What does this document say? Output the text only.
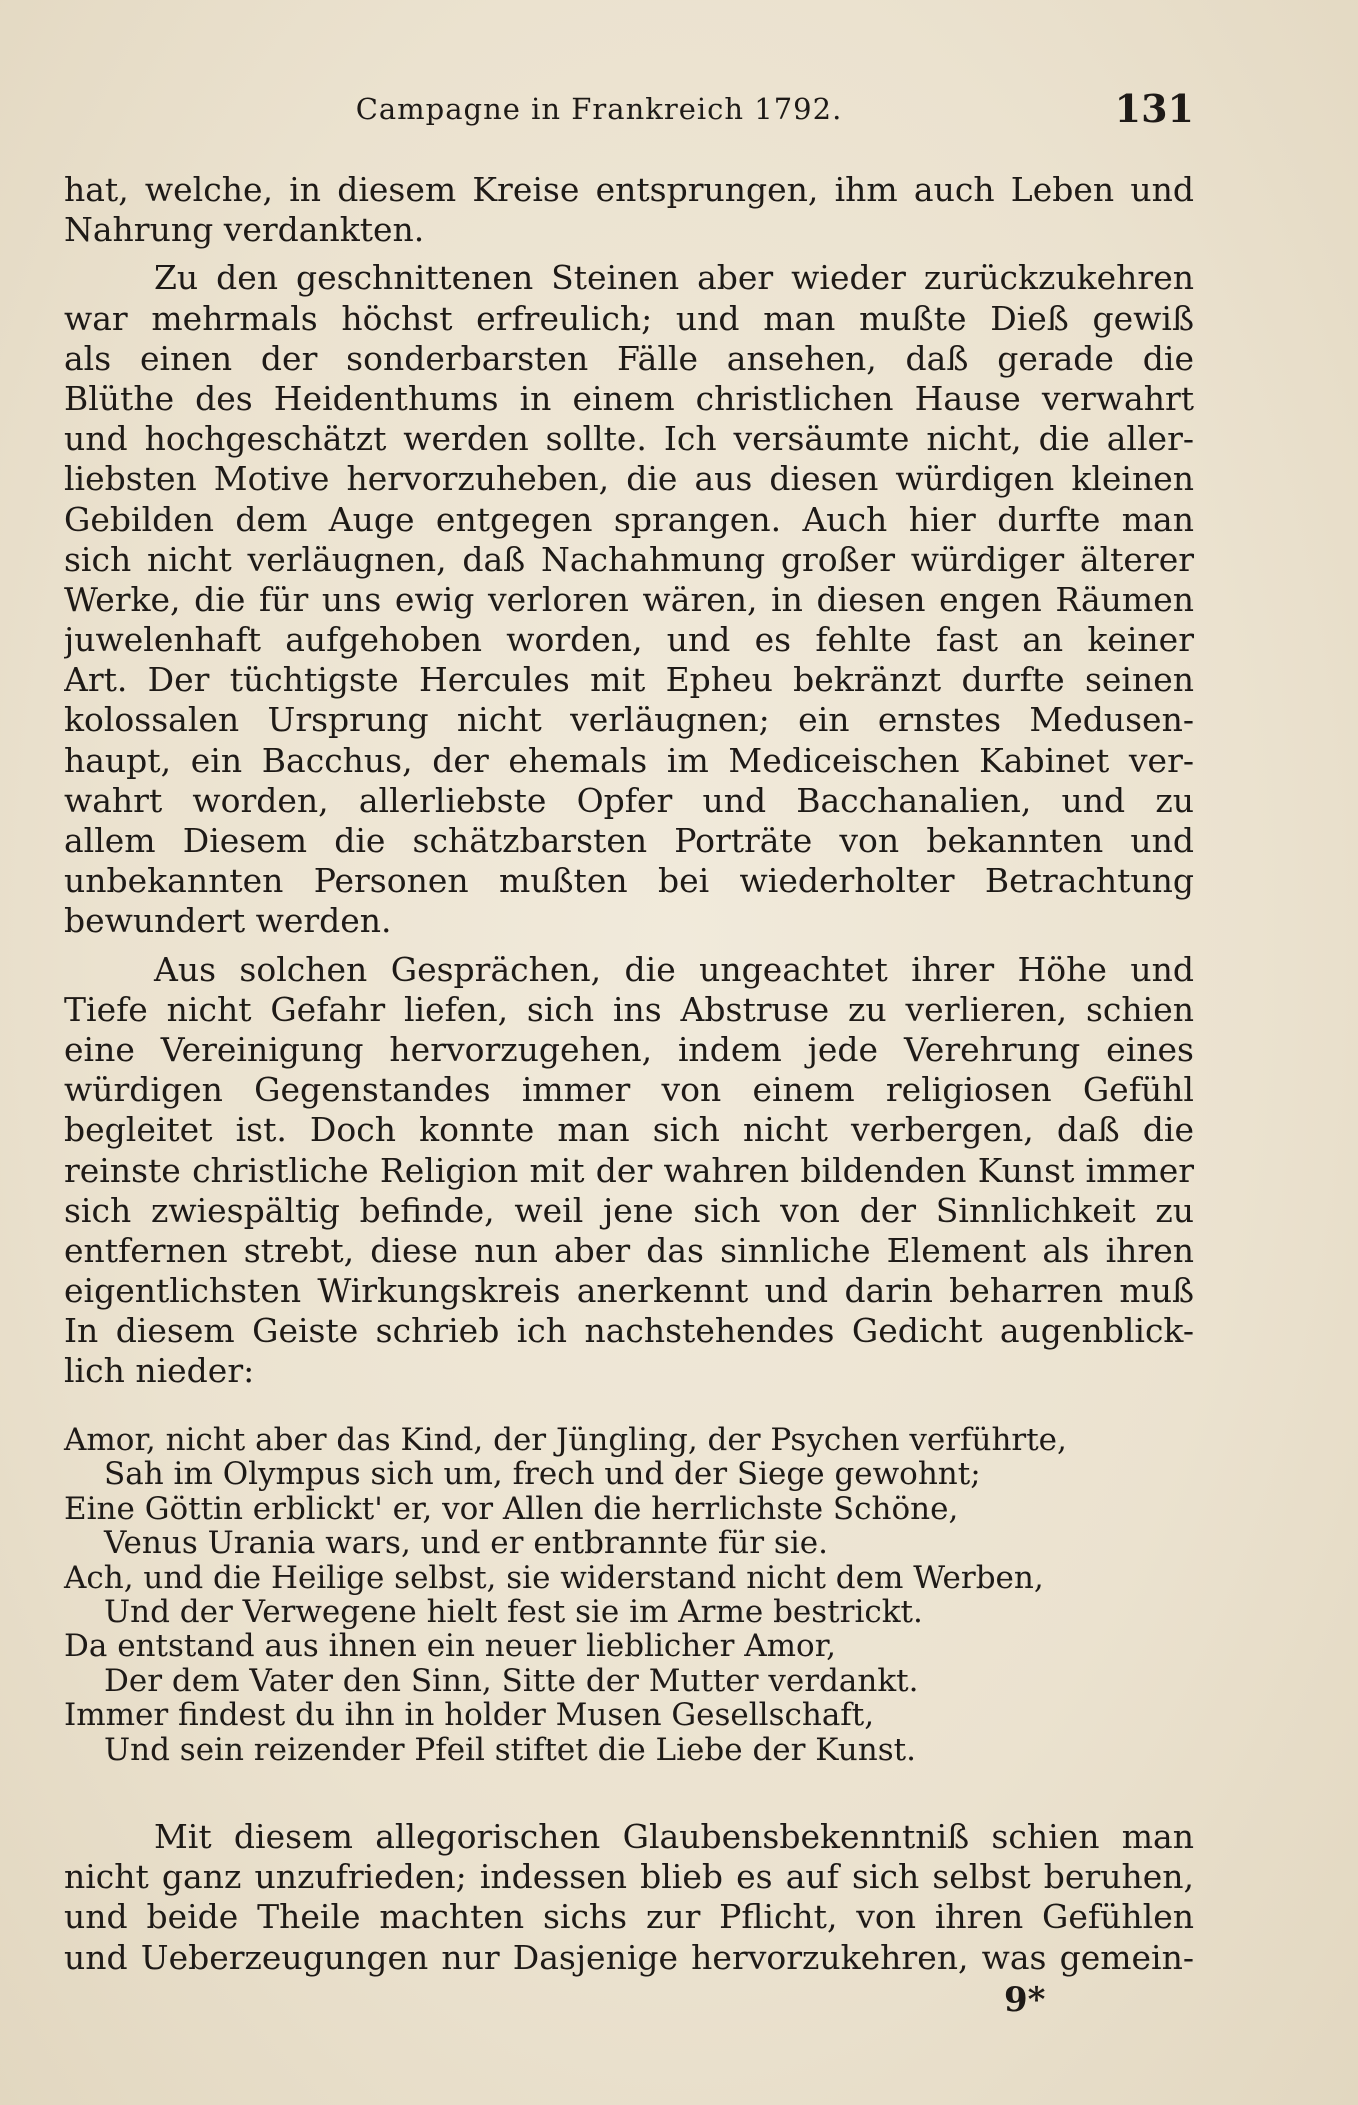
Campagne in Frankreich 1792.	131
hat, welche, in diesem Kreise entsprungen, ihm auch Leben und
Nahrung verdankten.
Zu den geschnittenen Steinen aber wieder zurückzukehren
war mehrmals höchst erfreulich; und man mußte Dieß gewiß
als einen der sonderbarsten Fälle ansehen, daß gerade die
Blüthe des Heidenthums in einem christlichen Hause verwahrt
und hochgeschätzt werden sollte. Ich versäumte nicht, die aller-
liebsten Motive hervorzuheben, die aus diesen würdigen kleinen
Gebilden dem Auge entgegen sprangen. Auch hier durfte man
sich nicht verläugnen, daß Nachahmung großer würdiger älterer
Werke, die für uns ewig verloren wären, in diesen engen Räumen
juwelenhaft aufgehoben worden, und es fehlte fast an keiner
Art. Der tüchtigste Hercules mit Epheu bekränzt durfte seinen
kolossalen Ursprung nicht verläugnen; ein ernstes Medusen-
haupt, ein Bacchus, der ehemals im Mediceischen Kabinet ver-
wahrt worden, allerliebste Opfer und Bacchanalien, und zu
allem Diesem die schätzbarsten Porträte von bekannten und
unbekannten Personen mußten bei wiederholter Betrachtung
bewundert werden.
Aus solchen Gesprächen, die ungeachtet ihrer Höhe und
Tiefe nicht Gefahr liefen, sich ins Abstruse zu verlieren, schien
eine Vereinigung hervorzugehen, indem jede Verehrung eines
würdigen Gegenstandes immer von einem religiosen Gefühl
begleitet ist. Doch konnte man sich nicht verbergen, daß die
reinste christliche Religion mit der wahren bildenden Kunst immer
sich zwiespältig befinde, weil jene sich von der Sinnlichkeit zu
entfernen strebt, diese nun aber das sinnliche Element als ihren
eigentlichsten Wirkungskreis anerkennt und darin beharren muß
In diesem Geiste schrieb ich nachstehendes Gedicht augenblick-
lich nieder:
Amor, nicht aber das Kind, der Jüngling, der Psychen verführte,
Sah im Olympus sich um, frech und der Siege gewohnt;
Eine Göttin erblickt' er, vor Allen die herrlichste Schöne,
Venus Urania wars, und er entbrannte für sie.
Ach, und die Heilige selbst, sie widerstand nicht dem Werben,
Und der Verwegene hielt fest sie im Arme bestrickt.
Da entstand aus ihnen ein neuer lieblicher Amor,
Der dem Vater den Sinn, Sitte der Mutter verdankt.
Immer findest du ihn in holder Musen Gesellschaft,
Und sein reizender Pfeil stiftet die Liebe der Kunst.
Mit diesem allegorischen Glaubensbekenntniß schien man
nicht ganz unzufrieden; indessen blieb es auf sich selbst beruhen,
und beide Theile machten sichs zur Pflicht, von ihren Gefühlen
und Ueberzeugungen nur Dasjenige hervorzukehren, was gemein-
9*
